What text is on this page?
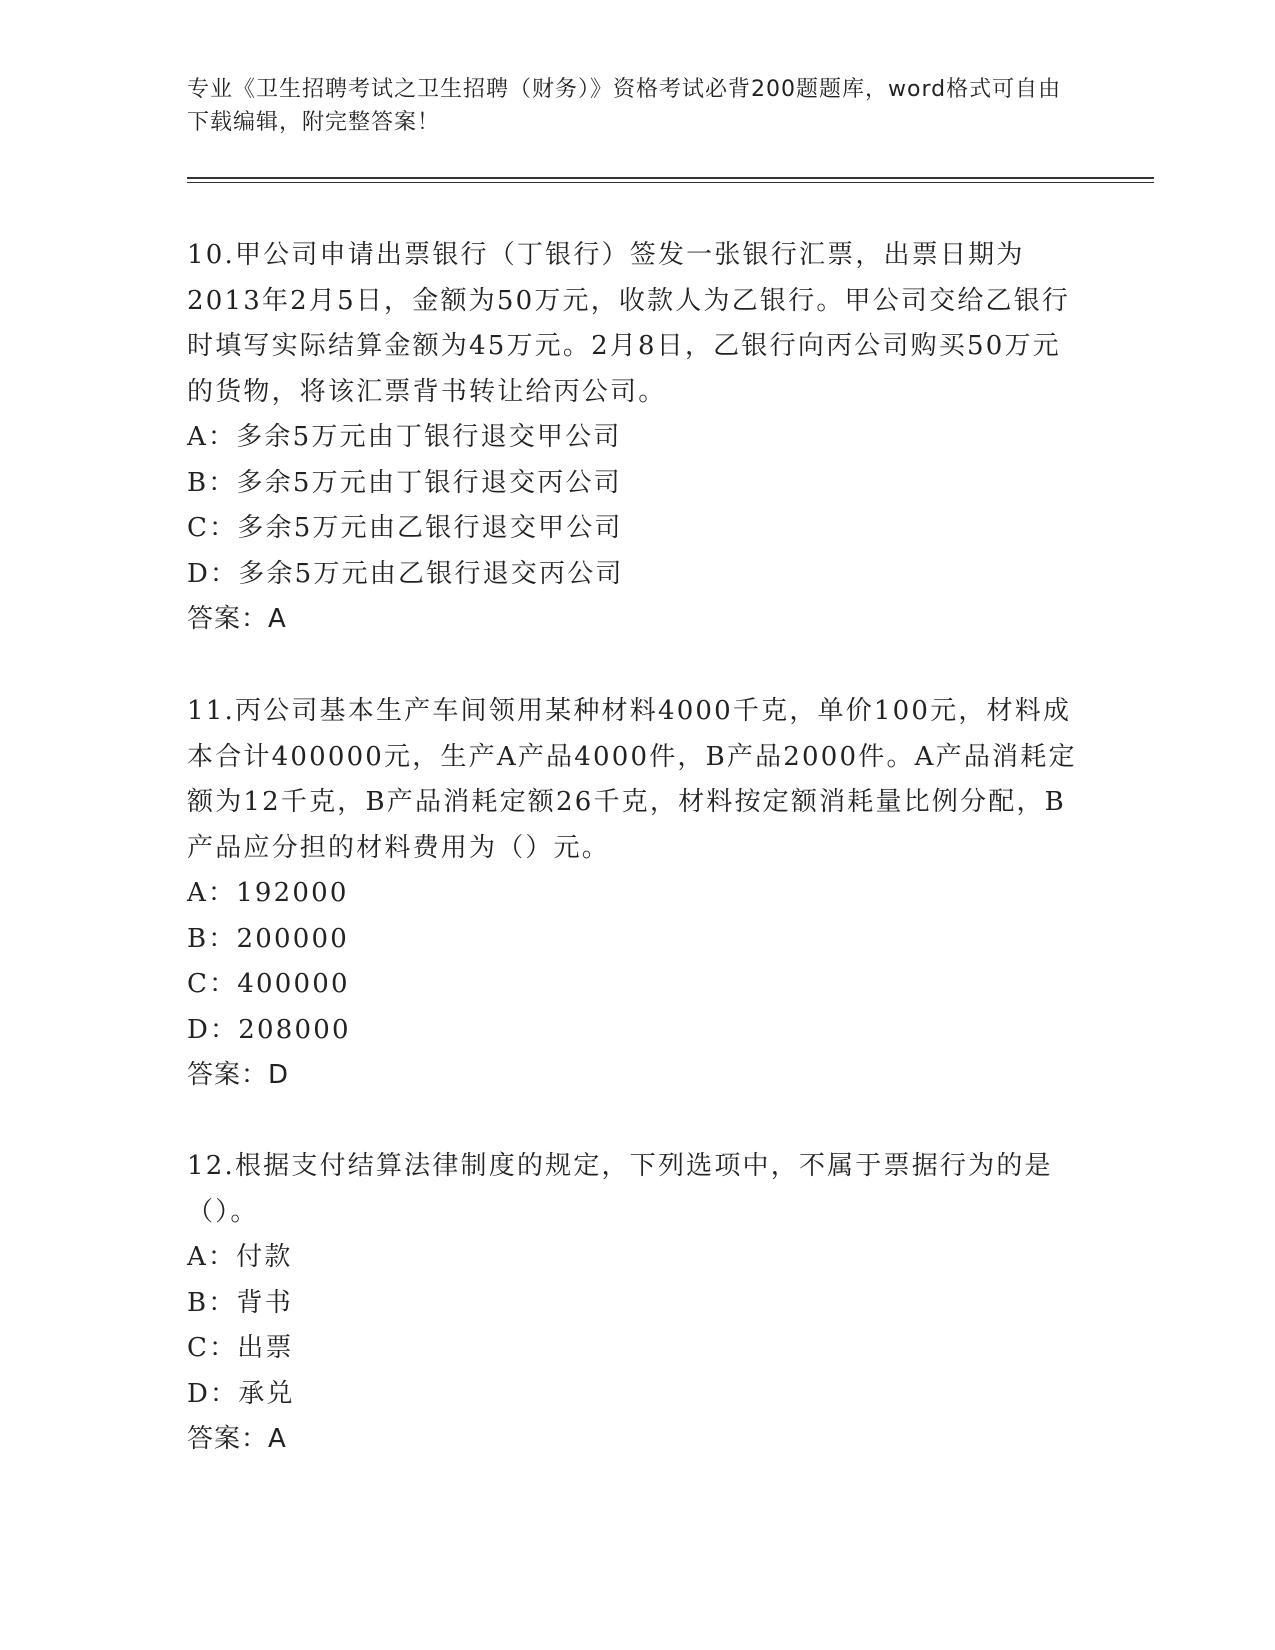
专业《卫生招聘考试之卫生招聘（财务）》资格考试必背200题题库，word格式可自由下载编辑，附完整答案！
10.甲公司申请出票银行（丁银行）签发一张银行汇票，出票日期为2013年2月5日，金额为50万元，收款人为乙银行。甲公司交给乙银行时填写实际结算金额为45万元。2月8日，乙银行向丙公司购买50万元的货物，将该汇票背书转让给丙公司。
A：多余5万元由丁银行退交甲公司
B：多余5万元由丁银行退交丙公司
C：多余5万元由乙银行退交甲公司
D：多余5万元由乙银行退交丙公司
答案：A
11.丙公司基本生产车间领用某种材料4000千克，单价100元，材料成本合计400000元，生产A产品4000件，B产品2000件。A产品消耗定额为12千克，B产品消耗定额26千克，材料按定额消耗量比例分配，B产品应分担的材料费用为（）元。
A：192000
B：200000
C：400000
D：208000
答案：D
12.根据支付结算法律制度的规定，下列选项中，不属于票据行为的是（）。
A：付款
B：背书
C：出票
D：承兑
答案：A
